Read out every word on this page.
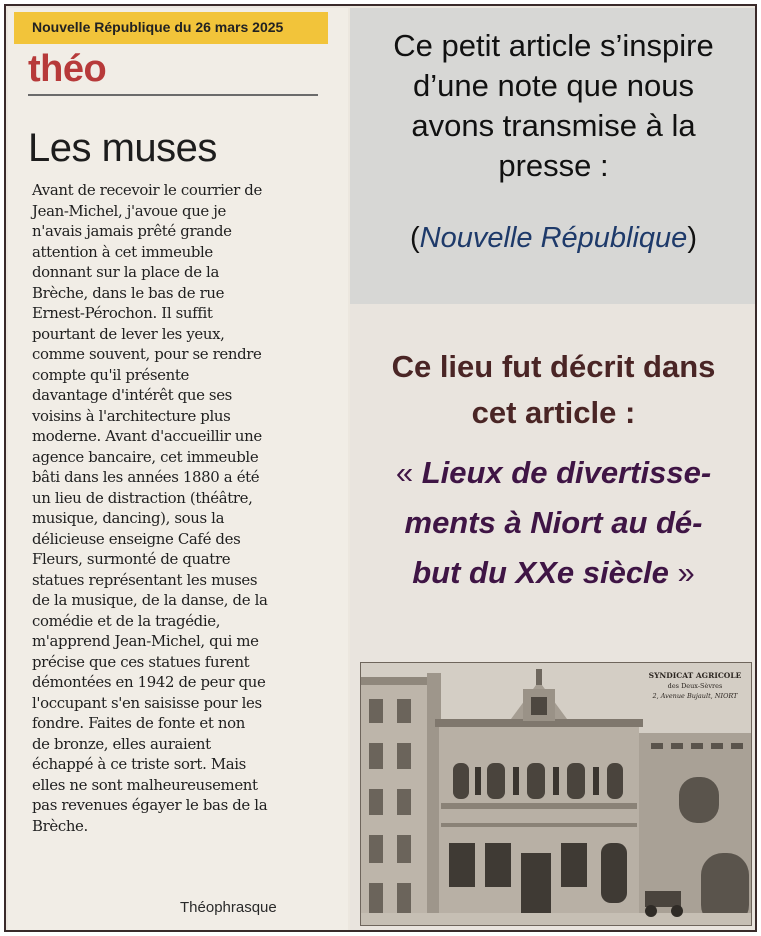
Nouvelle République du 26 mars 2025
théo
Les muses
Avant de recevoir le courrier de
Jean-Michel, j'avoue que je
n'avais jamais prêté grande
attention à cet immeuble
donnant sur la place de la
Brèche, dans le bas de rue
Ernest-Pérochon. Il suffit
pourtant de lever les yeux,
comme souvent, pour se rendre
compte qu'il présente
davantage d'intérêt que ses
voisins à l'architecture plus
moderne. Avant d'accueillir une
agence bancaire, cet immeuble
bâti dans les années 1880 a été
un lieu de distraction (théâtre,
musique, dancing), sous la
délicieuse enseigne Café des
Fleurs, surmonté de quatre
statues représentant les muses
de la musique, de la danse, de la
comédie et de la tragédie,
m'apprend Jean-Michel, qui me
précise que ces statues furent
démontées en 1942 de peur que
l'occupant s'en saisisse pour les
fondre. Faites de fonte et non
de bronze, elles auraient
échappé à ce triste sort. Mais
elles ne sont malheureusement
pas revenues égayer le bas de la
Brèche.
Théophrasque
Ce petit article s’inspire
d’une note que nous
avons transmise à la
presse :
(Nouvelle République)
Ce lieu fut décrit dans
cet article :
« Lieux de divertisse-
ments à Niort au dé-
but du XXe siècle »
SYNDICAT AGRICOLE
des Deux-Sèvres
2, Avenue Bujault, NIORT
